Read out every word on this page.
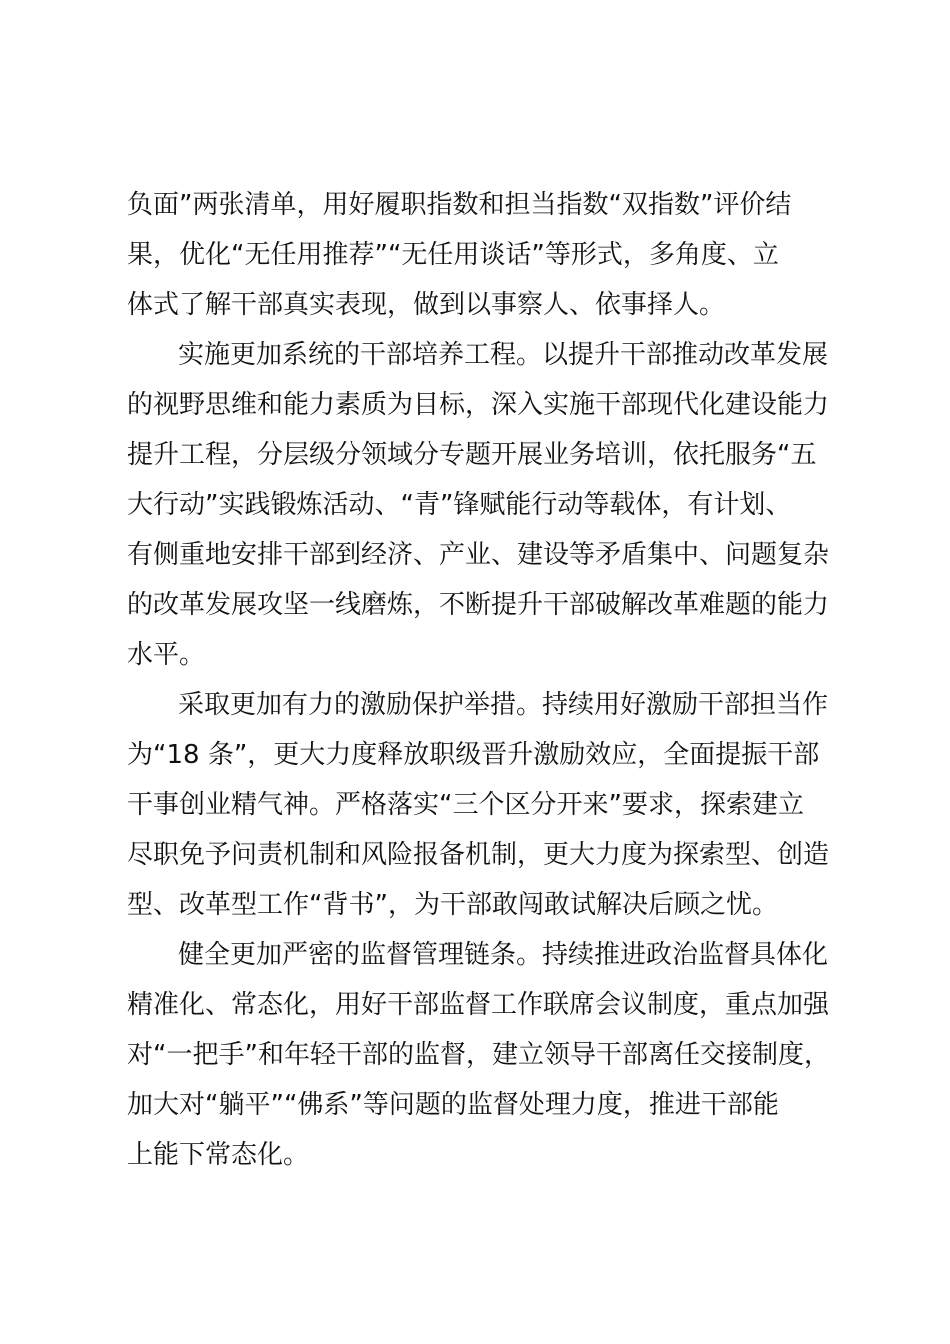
负面”两张清单，用好履职指数和担当指数“双指数”评价结
果，优化“无任用推荐”“无任用谈话”等形式，多角度、立
体式了解干部真实表现，做到以事察人、依事择人。
实施更加系统的干部培养工程。以提升干部推动改革发展
的视野思维和能力素质为目标，深入实施干部现代化建设能力
提升工程，分层级分领域分专题开展业务培训，依托服务“五
大行动”实践锻炼活动、“青”锋赋能行动等载体，有计划、
有侧重地安排干部到经济、产业、建设等矛盾集中、问题复杂
的改革发展攻坚一线磨炼，不断提升干部破解改革难题的能力
水平。
采取更加有力的激励保护举措。持续用好激励干部担当作
为“18 条”，更大力度释放职级晋升激励效应，全面提振干部
干事创业精气神。严格落实“三个区分开来”要求，探索建立
尽职免予问责机制和风险报备机制，更大力度为探索型、创造
型、改革型工作“背书”，为干部敢闯敢试解决后顾之忧。
健全更加严密的监督管理链条。持续推进政治监督具体化
精准化、常态化，用好干部监督工作联席会议制度，重点加强
对“一把手”和年轻干部的监督，建立领导干部离任交接制度，
加大对“躺平”“佛系”等问题的监督处理力度，推进干部能
上能下常态化。
